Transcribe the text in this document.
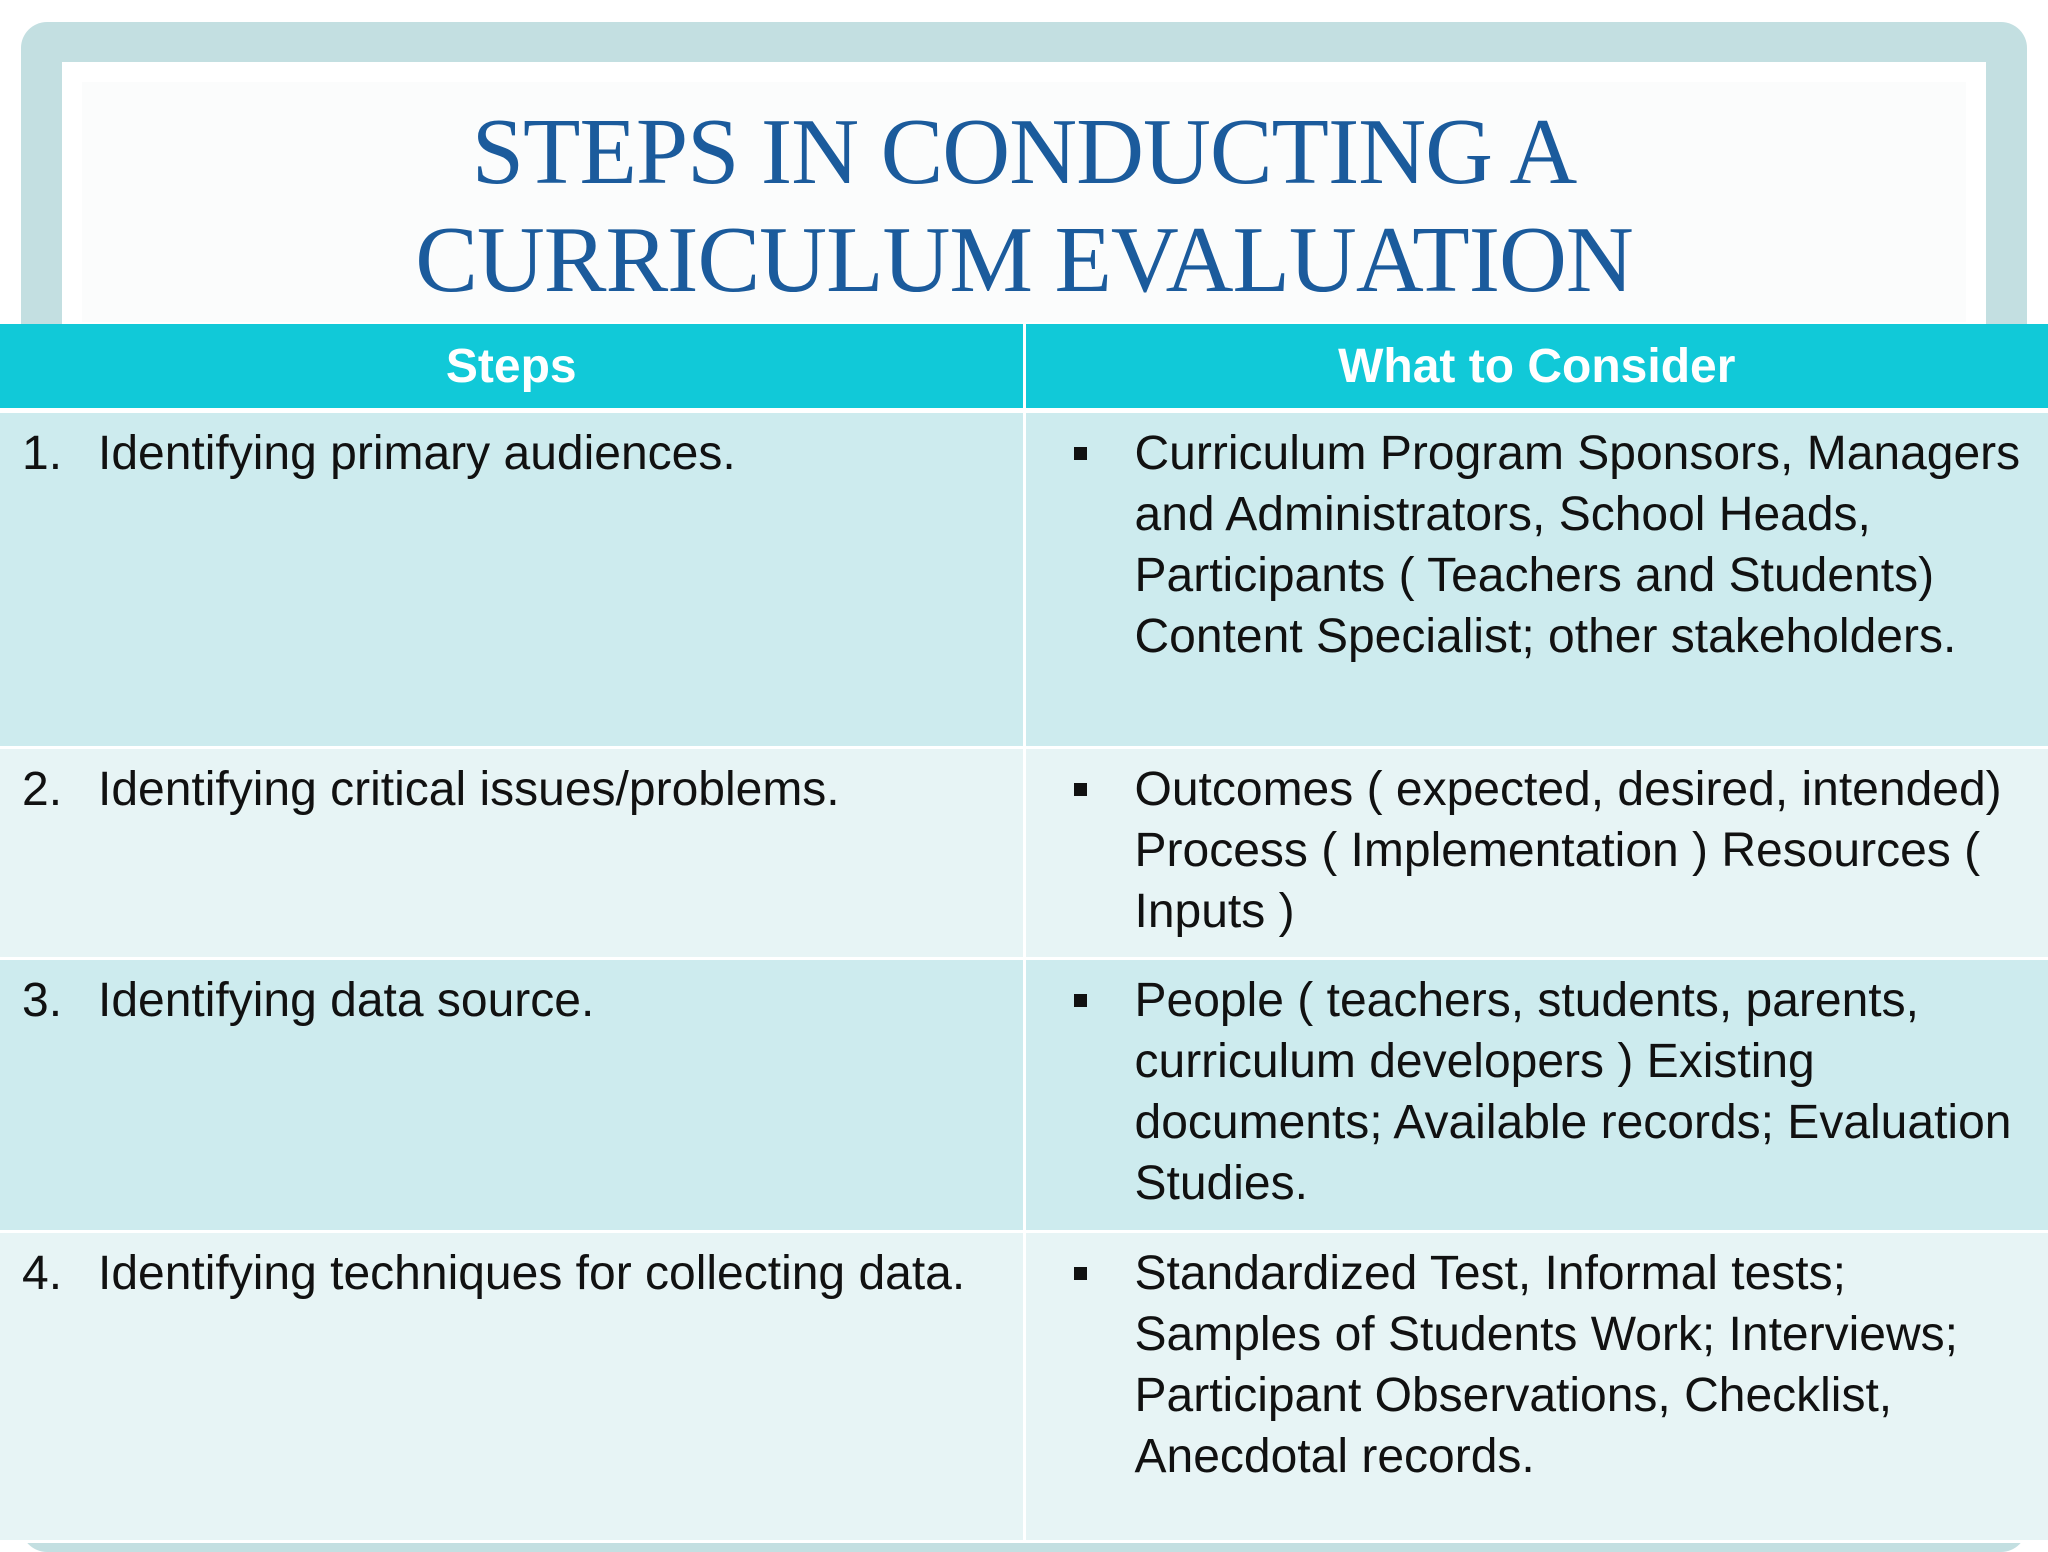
STEPS IN CONDUCTING A
CURRICULUM EVALUATION
Steps	What to Consider

1. Identifying primary audiences.	Curriculum Program Sponsors, Managers and Administrators, School Heads, Participants ( Teachers and Students) Content Specialist; other stakeholders.

2. Identifying critical issues/problems.	Outcomes ( expected, desired, intended) Process ( Implementation ) Resources ( Inputs )

3. Identifying data source.	People ( teachers, students, parents, curriculum developers ) Existing documents; Available records; Evaluation Studies.

4. Identifying techniques for collecting data.	Standardized Test, Informal tests; Samples of Students Work; Interviews; Participant Observations, Checklist, Anecdotal records.
